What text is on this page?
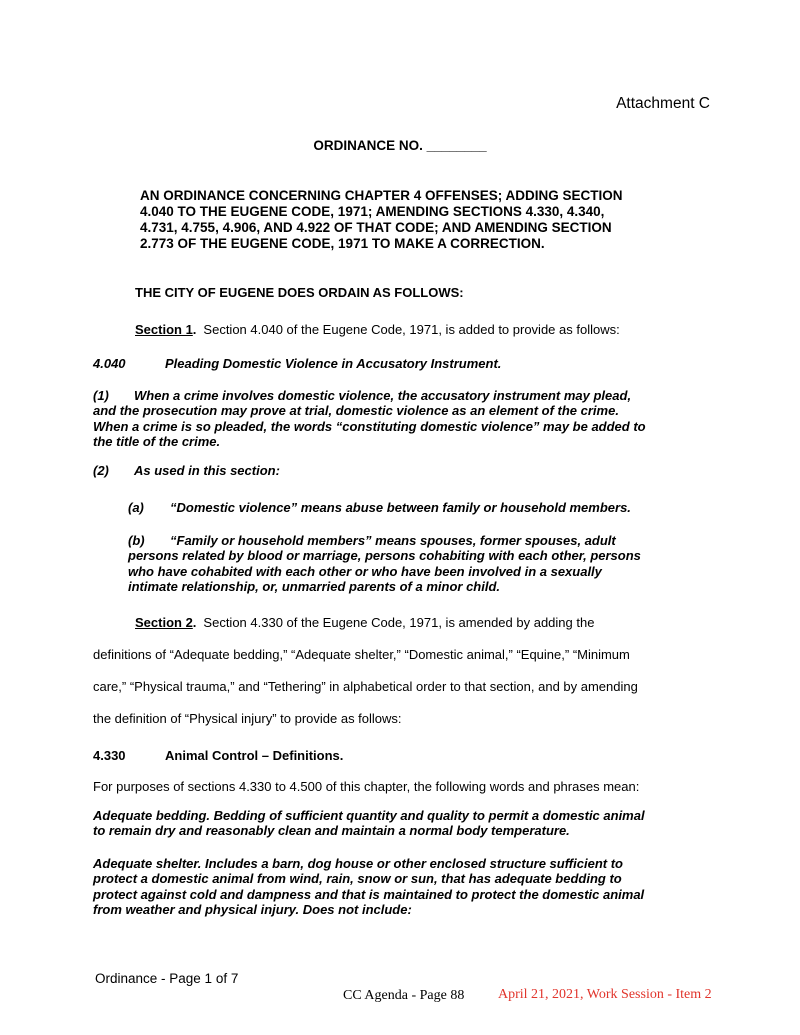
Attachment C
ORDINANCE NO. ________
AN ORDINANCE CONCERNING CHAPTER 4 OFFENSES; ADDING SECTION
4.040 TO THE EUGENE CODE, 1971; AMENDING SECTIONS 4.330, 4.340,
4.731, 4.755, 4.906, AND 4.922 OF THAT CODE; AND AMENDING SECTION
2.773 OF THE EUGENE CODE, 1971 TO MAKE A CORRECTION.
THE CITY OF EUGENE DOES ORDAIN AS FOLLOWS:
Section 1. Section 4.040 of the Eugene Code, 1971, is added to provide as follows:
4.040	Pleading Domestic Violence in Accusatory Instrument.
(1) When a crime involves domestic violence, the accusatory instrument may plead,
and the prosecution may prove at trial, domestic violence as an element of the crime.
When a crime is so pleaded, the words “constituting domestic violence” may be added to
the title of the crime.
(2) As used in this section:
(a) “Domestic violence” means abuse between family or household members.
(b) “Family or household members” means spouses, former spouses, adult
persons related by blood or marriage, persons cohabiting with each other, persons
who have cohabited with each other or who have been involved in a sexually
intimate relationship, or, unmarried parents of a minor child.
Section 2. Section 4.330 of the Eugene Code, 1971, is amended by adding the
definitions of “Adequate bedding,” “Adequate shelter,” “Domestic animal,” “Equine,” “Minimum
care,” “Physical trauma,” and “Tethering” in alphabetical order to that section, and by amending
the definition of “Physical injury” to provide as follows:
4.330	Animal Control – Definitions.
For purposes of sections 4.330 to 4.500 of this chapter, the following words and phrases mean:
Adequate bedding. Bedding of sufficient quantity and quality to permit a domestic animal
to remain dry and reasonably clean and maintain a normal body temperature.
Adequate shelter. Includes a barn, dog house or other enclosed structure sufficient to
protect a domestic animal from wind, rain, snow or sun, that has adequate bedding to
protect against cold and dampness and that is maintained to protect the domestic animal
from weather and physical injury. Does not include:
Ordinance - Page 1 of 7
CC Agenda - Page 88 April 21, 2021, Work Session - Item 2
